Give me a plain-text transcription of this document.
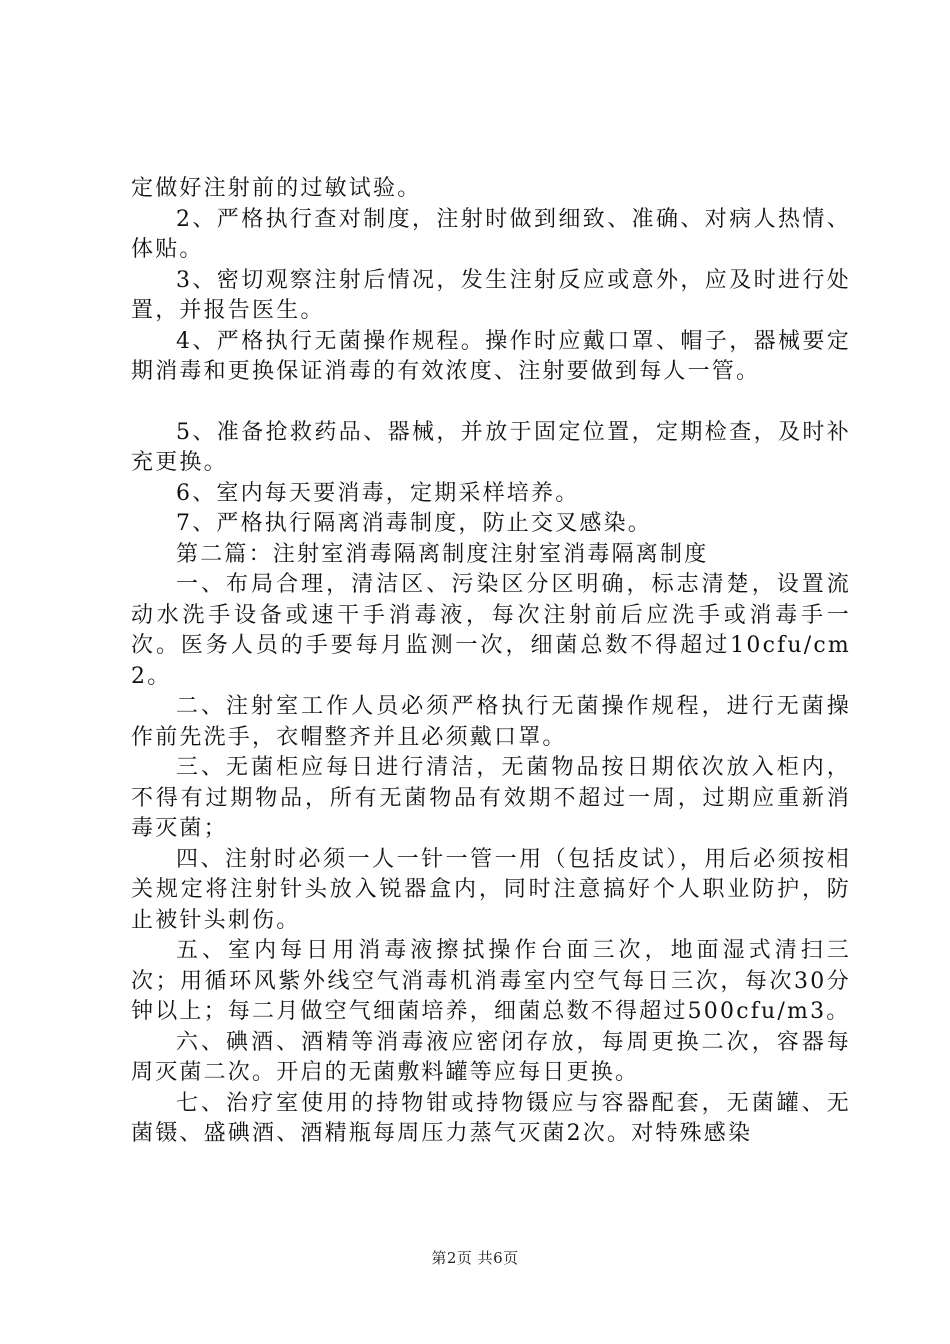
定做好注射前的过敏试验。

2、严格执行查对制度，注射时做到细致、准确、对病人热情、体贴。

3、密切观察注射后情况，发生注射反应或意外，应及时进行处置，并报告医生。

4、严格执行无菌操作规程。操作时应戴口罩、帽子，器械要定期消毒和更换保证消毒的有效浓度、注射要做到每人一管。

5、准备抢救药品、器械，并放于固定位置，定期检查，及时补充更换。

6、室内每天要消毒，定期采样培养。

7、严格执行隔离消毒制度，防止交叉感染。

第二篇：注射室消毒隔离制度注射室消毒隔离制度

一、布局合理，清洁区、污染区分区明确，标志清楚，设置流动水洗手设备或速干手消毒液，每次注射前后应洗手或消毒手一次。医务人员的手要每月监测一次，细菌总数不得超过10cfu/cm2。

二、注射室工作人员必须严格执行无菌操作规程，进行无菌操作前先洗手，衣帽整齐并且必须戴口罩。

三、无菌柜应每日进行清洁，无菌物品按日期依次放入柜内，不得有过期物品，所有无菌物品有效期不超过一周，过期应重新消毒灭菌；

四、注射时必须一人一针一管一用（包括皮试），用后必须按相关规定将注射针头放入锐器盒内，同时注意搞好个人职业防护，防止被针头刺伤。

五、室内每日用消毒液擦拭操作台面三次，地面湿式清扫三次；用循环风紫外线空气消毒机消毒室内空气每日三次，每次30分钟以上；每二月做空气细菌培养，细菌总数不得超过500cfu/m3。

六、碘酒、酒精等消毒液应密闭存放，每周更换二次，容器每周灭菌二次。开启的无菌敷料罐等应每日更换。

七、治疗室使用的持物钳或持物镊应与容器配套，无菌罐、无菌镊、盛碘酒、酒精瓶每周压力蒸气灭菌2次。对特殊感染

第2页 共6页
